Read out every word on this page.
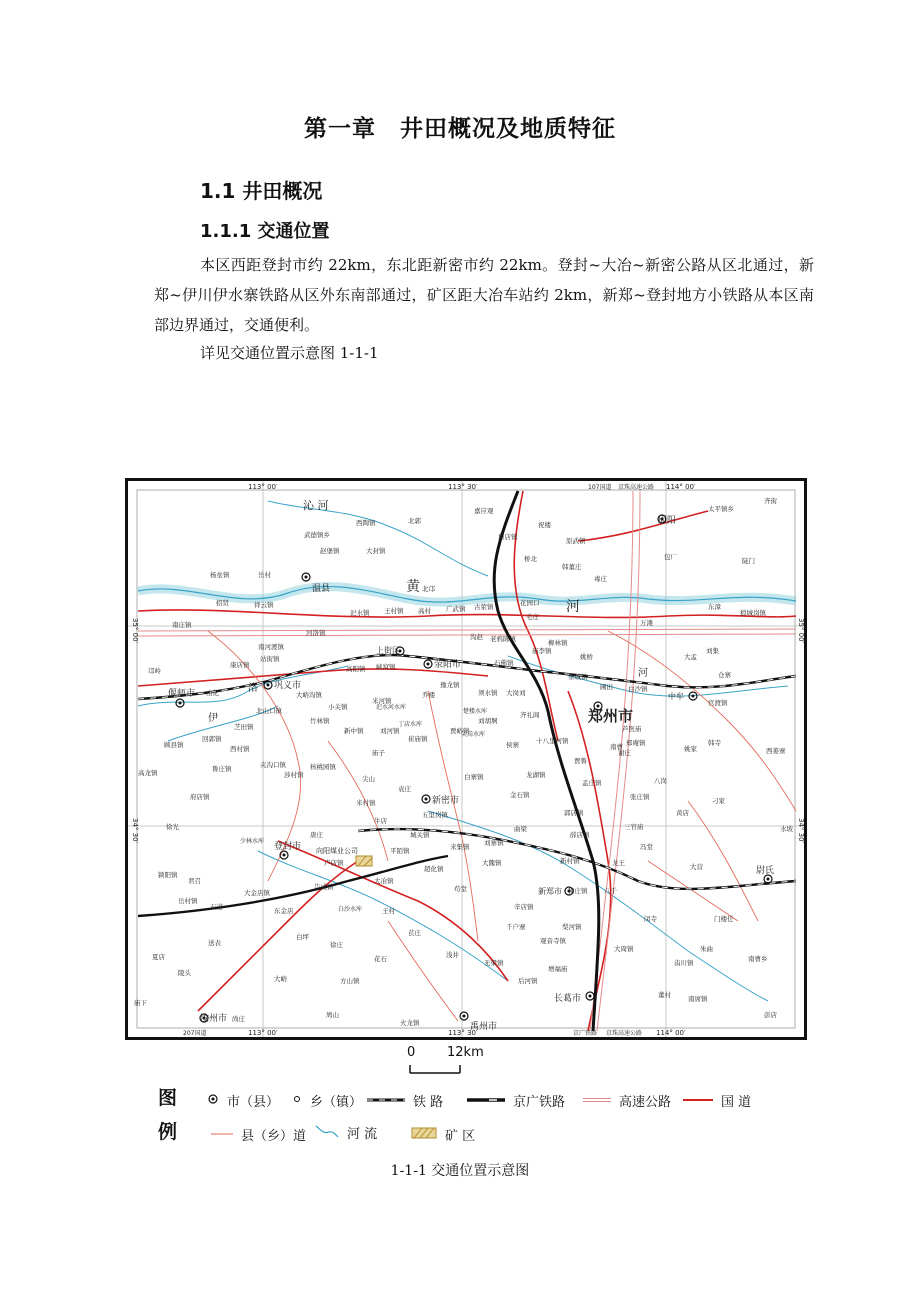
第一章　井田概况及地质特征
1.1 井田概况
1.1.1 交通位置
本区西距登封市约 22km，东北距新密市约 22km。登封~大冶~新密公路从区北通过，新郑~伊川伊水寨铁路从区外东南部通过，矿区距大冶车站约 2km，新郑~登封地方小铁路从本区南部边界通过，交通便利。
详见交通位置示意图 1-1-1
113° 00′	113° 30′	114° 00′
113° 00′	113° 30′	114° 00′
35° 00′
34° 30′
35° 00′
34° 30′
107国道 京珠高速公路
207国道	京广铁路 京珠高速公路
温县
巩义市
荥阳市
郑州市
中牟
新密市
登封市
新郑市
长葛市
禹州市
汝州市
偃师市
原阳
尉氏
上街区
沁 河
黄
河
伊
洛
河
汜水河水库
楚楼水库
尖岗水库
丁店水库
白沙水库
少林水库
向阳煤业公司
西陶镇	北郭
武德镇乡
赵堡镇	大封镇
杨垒镇	岳村
招贤	祥云镇
南庄镇
河洛镇
南河渡镇
站街镇
康店镇
邙岭
山化	大峪沟镇
北山口镇
芝田镇
回郭镇
顾县镇	西村镇
鲁庄镇	夹沟口镇
涉村镇
竹林镇
小关镇
米河镇
新中镇	刘河镇
核桃园镇
庙子
尖山
袁庄
米村镇
牛店
城关镇
唐庄
卢店镇
告成镇
大冶镇
王村
白坪
徐庄
花石
方山镇
鸠山
火龙镇
大金店镇
东金店
君召
石道
颍阳镇
送表
夏店
陵头
庙下
尚庄
大峪
府店镇
高龙镇
徐光
嘉应观
詹店镇
祝楼
原武镇
桥北
韩董庄
毒庄
包厂
太平镇乡
齐街
陡门
东漳
狼城岗镇
万滩
刘集
大孟
仓寨
官渡镇
白沙镇
圃田
姚桥
祭城镇
庙李镇
石佛镇
柳林镇
老鸦陈镇
沟赵
古荥镇	花园口
毛庄
北邙
王村镇 高村 广武镇
汜水镇
峡窝镇
高阳镇
豫龙镇
乔楼	须水镇 大岗刘
齐礼阎
刘胡垌
侯寨	十八里河镇
南曹
谢庄
芦医庙
郑庵镇
姚家
韩寺
西姜寨
八岗
张庄镇	刁家
黄店
三官庙	水坡
冯堂
大营
门楼任
朱曲
南曹乡
南席镇
彭店
董村
洧川镇
八千
大周镇
闵寺
和庄镇
梨河镇
增福庙
后河镇
无梁镇
观音寺镇
千户寨
辛店镇
浅井
苌庄
苟堂
超化镇
大隗镇
来集镇 刘寨镇
曲梁
薛店镇
郭店镇
孟庄镇
龙湖镇
新村镇	龙王
白寨镇
贾峪镇
崔庙镇
平陌镇
岳村镇
五里岗镇
金石镇
贾鲁
0 12km
图
例
市（县） 乡（镇）	铁 路	京广铁路	高速公路	国 道
县（乡）道	河 流	矿 区
1-1-1 交通位置示意图
